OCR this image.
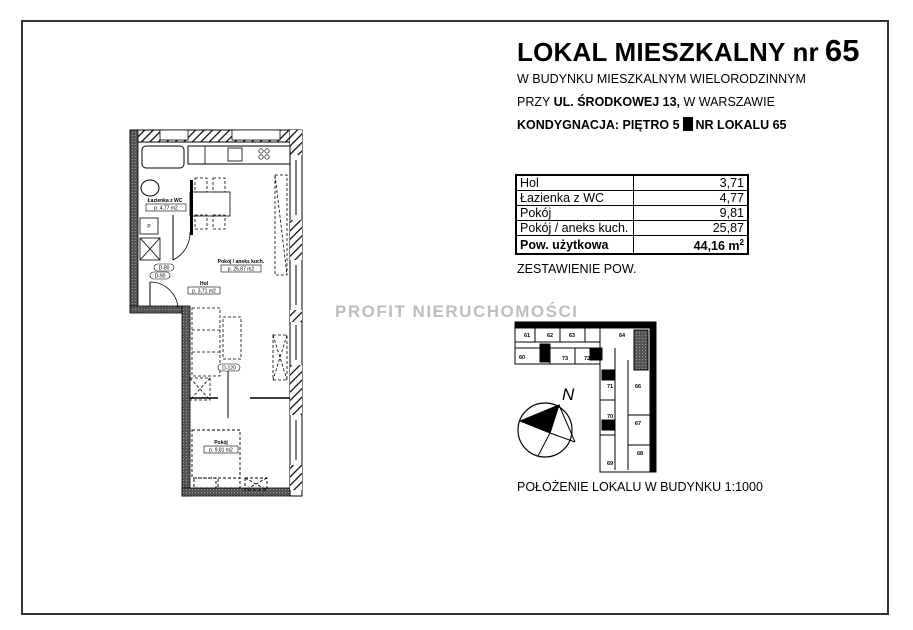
LOKAL MIESZKALNY nr 65
W BUDYNKU MIESZKALNYM WIELORODZINNYM
PRZY UL. ŚRODKOWEJ 13, W WARSZAWIE
KONDYGNACJA: PIĘTRO 5 NR LOKALU 65
Hol	3,71
Łazienka z WC	4,77
Pokój	9,81
Pokój / aneks kuch.	25,87
Pow. użytkowa	44,16 $m^2$
ZESTAWIENIE POW.
Łazienka z WC
p. 4,77 m2
Pokój / aneks kuch.
p. 25,87 m2
Hol
p. 3,71 m2
Pokój
p. 9,81 m2
D-80
D-90
D-120
P
PROFIT NIERUCHOMOŚCI
60
61	62	63	64
66
67
68
69
70
71
72
73
N
POŁOŻENIE LOKALU W BUDYNKU 1:1000
